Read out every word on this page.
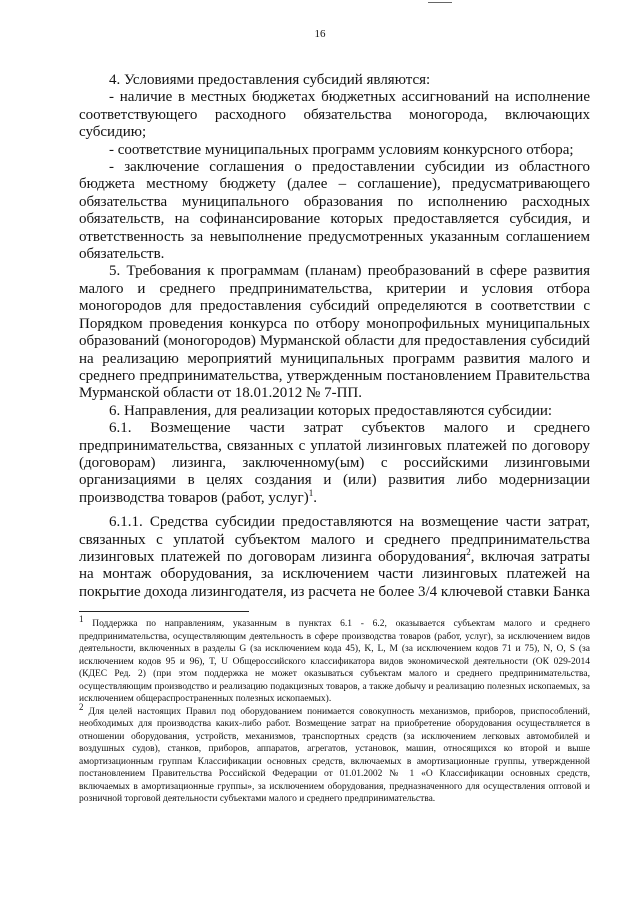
16

4. Условиями предоставления субсидий являются:

- наличие в местных бюджетах бюджетных ассигнований на исполнение соответствующего расходного обязательства моногорода, включающих субсидию;

- соответствие муниципальных программ условиям конкурсного отбора;

- заключение соглашения о предоставлении субсидии из областного бюджета местному бюджету (далее – соглашение), предусматривающего обязательства муниципального образования по исполнению расходных обязательств, на софинансирование которых предоставляется субсидия, и ответственность за невыполнение предусмотренных указанным соглашением обязательств.

5. Требования к программам (планам) преобразований в сфере развития малого и среднего предпринимательства, критерии и условия отбора моногородов для предоставления субсидий определяются в соответствии с Порядком проведения конкурса по отбору монопрофильных муниципальных образований (моногородов) Мурманской области для предоставления субсидий на реализацию мероприятий муниципальных программ развития малого и среднего предпринимательства, утвержденным постановлением Правительства Мурманской области от 18.01.2012 № 7-ПП.

6. Направления, для реализации которых предоставляются субсидии:

6.1. Возмещение части затрат субъектов малого и среднего предпринимательства, связанных с уплатой лизинговых платежей по договору (договорам) лизинга, заключенному(ым) с российскими лизинговыми организациями в целях создания и (или) развития либо модернизации производства товаров (работ, услуг)$^1$.

6.1.1. Средства субсидии предоставляются на возмещение части затрат, связанных с уплатой субъектом малого и среднего предпринимательства лизинговых платежей по договорам лизинга оборудования$^2$, включая затраты на монтаж оборудования, за исключением части лизинговых платежей на покрытие дохода лизингодателя, из расчета не более 3/4 ключевой ставки Банка

$^1$ Поддержка по направлениям, указанным в пунктах 6.1 - 6.2, оказывается субъектам малого и среднего предпринимательства, осуществляющим деятельность в сфере производства товаров (работ, услуг), за исключением видов деятельности, включенных в разделы G (за исключением кода 45), K, L, M (за исключением кодов 71 и 75), N, O, S (за исключением кодов 95 и 96), T, U Общероссийского классификатора видов экономической деятельности (ОК 029-2014 (КДЕС Ред. 2) (при этом поддержка не может оказываться субъектам малого и среднего предпринимательства, осуществляющим производство и реализацию подакцизных товаров, а также добычу и реализацию полезных ископаемых, за исключением общераспространенных полезных ископаемых).

$^2$ Для целей настоящих Правил под оборудованием понимается совокупность механизмов, приборов, приспособлений, необходимых для производства каких-либо работ. Возмещение затрат на приобретение оборудования осуществляется в отношении оборудования, устройств, механизмов, транспортных средств (за исключением легковых автомобилей и воздушных судов), станков, приборов, аппаратов, агрегатов, установок, машин, относящихся ко второй и выше амортизационным группам Классификации основных средств, включаемых в амортизационные группы, утвержденной постановлением Правительства Российской Федерации от 01.01.2002 № 1 «О Классификации основных средств, включаемых в амортизационные группы», за исключением оборудования, предназначенного для осуществления оптовой и розничной торговой деятельности субъектами малого и среднего предпринимательства.
